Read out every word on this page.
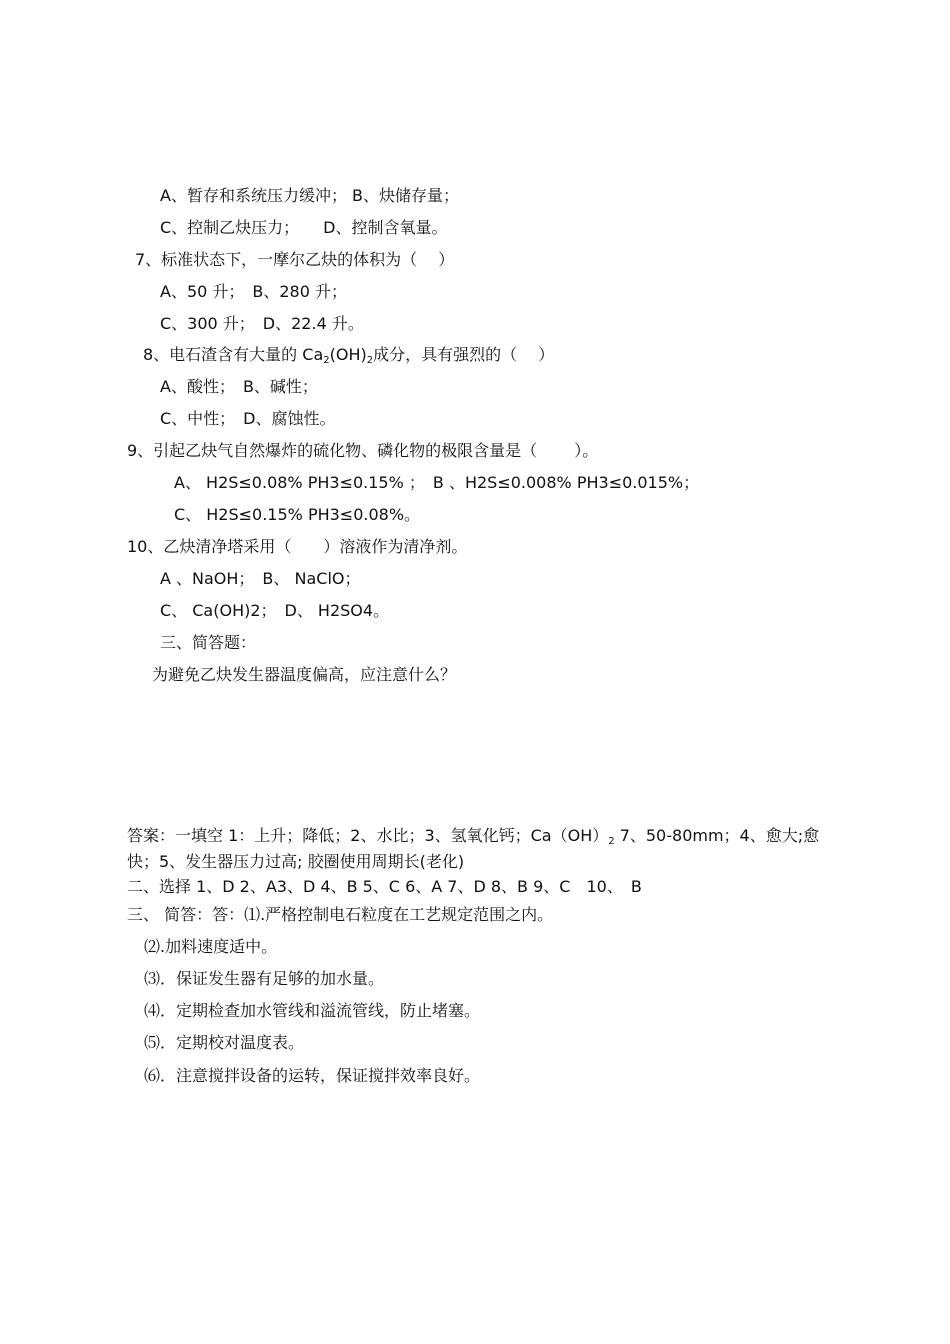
A、暂存和系统压力缓冲； B、炔储存量；
C、控制乙炔压力；　　D、控制含氧量。
7、标准状态下，一摩尔乙炔的体积为（　 ）
A、50 升；　B、280 升；
C、300 升；　D、22.4 升。
8、电石渣含有大量的 $Ca_2(OH)_2$成分，具有强烈的（　 ）
A、酸性；　B、碱性；
C、中性；　D、腐蚀性。
9、引起乙炔气自然爆炸的硫化物、磷化物的极限含量是（　　 ）。
A、 H2S≤0.08% PH3≤0.15% ；　B 、H2S≤0.008% PH3≤0.015%；
C、 H2S≤0.15% PH3≤0.08%。
10、乙炔清净塔采用（　　）溶液作为清净剂。
A 、NaOH；　B、 NaClO；
C、 Ca(OH)2；　D、 H2SO4。
三、简答题：
为避免乙炔发生器温度偏高，应注意什么？
答案：一填空 1：上升；降低；2、水比；3、氢氧化钙；Ca（OH）2 7、50-80mm；4、愈大;愈
快；5、发生器压力过高; 胶圈使用周期长(老化)
二、选择 1、D 2、A3、D 4、B 5、C 6、A 7、D 8、B 9、C　10、　B
三、 简答：答：⑴.严格控制电石粒度在工艺规定范围之内。
⑵.加料速度适中。
⑶．保证发生器有足够的加水量。
⑷．定期检查加水管线和溢流管线，防止堵塞。
⑸．定期校对温度表。
⑹．注意搅拌设备的运转，保证搅拌效率良好。
